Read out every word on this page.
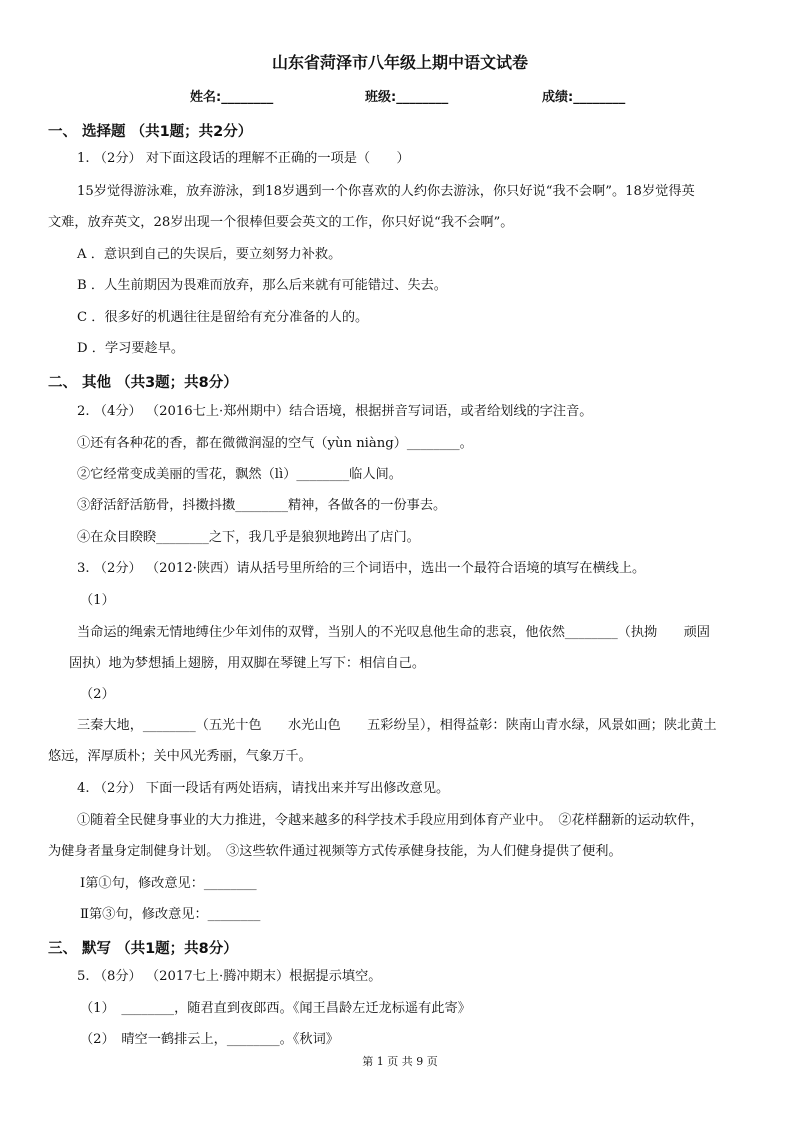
山东省菏泽市八年级上期中语文试卷
姓名:________	班级:________	成绩:________
一、 选择题 （共1题；共2分）
1. （2分） 对下面这段话的理解不正确的一项是（　　）
15岁觉得游泳难，放弃游泳，到18岁遇到一个你喜欢的人约你去游泳，你只好说“我不会啊”。18岁觉得英
文难，放弃英文，28岁出现一个很棒但要会英文的工作，你只好说“我不会啊”。
A ．意识到自己的失误后，要立刻努力补救。
B ．人生前期因为畏难而放弃，那么后来就有可能错过、失去。
C ．很多好的机遇往往是留给有充分准备的人的。
D ．学习要趁早。
二、 其他 （共3题；共8分）
2. （4分） （2016七上·郑州期中）结合语境，根据拼音写词语，或者给划线的字注音。
①还有各种花的香，都在微微润湿的空气（yùn niàng）________。
②它经常变成美丽的雪花，飘然（lì）________临人间。
③舒活舒活筋骨，抖擞抖擞________精神，各做各的一份事去。
④在众目睽睽________之下，我几乎是狼狈地跨出了店门。
3. （2分） （2012·陕西）请从括号里所给的三个词语中，选出一个最符合语境的填写在横线上。
（1）
当命运的绳索无情地缚住少年刘伟的双臂，当别人的不光叹息他生命的悲哀，他依然________（执拗　　顽固
固执）地为梦想插上翅膀，用双脚在琴键上写下：相信自己。
（2）
三秦大地，________（五光十色　　水光山色　　五彩纷呈），相得益彰：陕南山青水绿，风景如画；陕北黄土
悠远，浑厚质朴；关中风光秀丽，气象万千。
4. （2分） 下面一段话有两处语病，请找出来并写出修改意见。
①随着全民健身事业的大力推进，令越来越多的科学技术手段应用到体育产业中。　②花样翻新的运动软件，
为健身者量身定制健身计划。　③这些软件通过视频等方式传承健身技能，为人们健身提供了便利。
Ⅰ第①句，修改意见：________
Ⅱ第③句，修改意见：________
三、 默写 （共1题；共8分）
5. （8分） （2017七上·腾冲期末）根据提示填空。
（1）　________，随君直到夜郎西。《闻王昌龄左迁龙标遥有此寄》
（2）　晴空一鹤排云上，________。《秋词》
第 1 页 共 9 页
